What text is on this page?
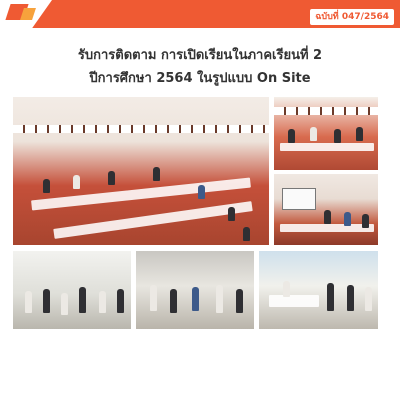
ฉบับที่ 047/2564
รับการติดตาม การเปิดเรียนในภาคเรียนที่ 2
ปีการศึกษา 2564 ในรูปแบบ On Site
